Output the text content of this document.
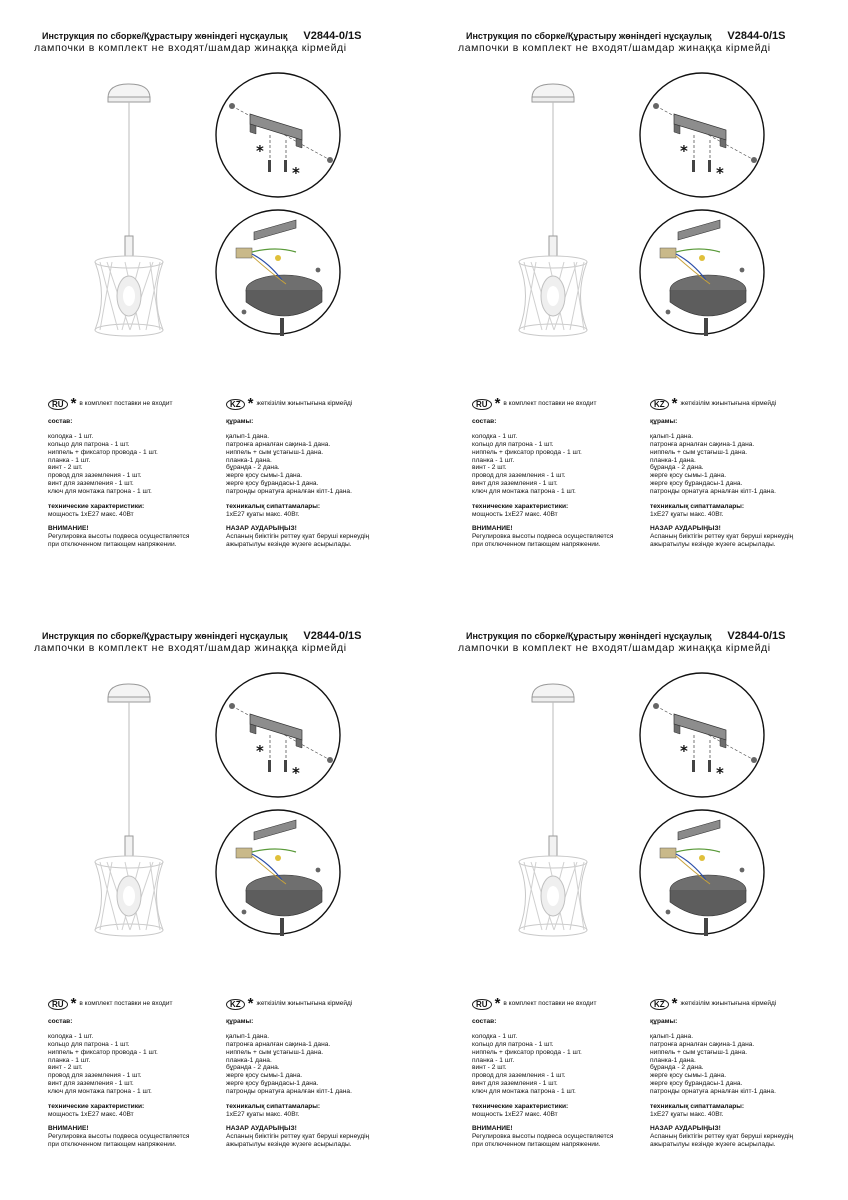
Инструкция по сборке/Құрастыру жөніндегі нұсқаулық V2844-0/1S
лампочки в комплект не входят/шамдар жинаққа кірмейді
*
*
RU * в комплект поставки не входит
состав:
колодка - 1 шт.
кольцо для патрона - 1 шт.
ниппель + фиксатор провода - 1 шт.
планка - 1 шт.
винт - 2 шт.
провод для заземления - 1 шт.
винт для заземления - 1 шт.
ключ для монтажа патрона - 1 шт.
технические характеристики:
мощность 1хЕ27 макс. 40Вт
ВНИМАНИЕ!
Регулировка высоты подвеса осуществляется
при отключенном питающем напряжении.
KZ * жеткізілім жиынтығына кірмейді
құрамы:
қалып-1 дана.
патронға арналған сақина-1 дана.
ниппель + сым ұстағыш-1 дана.
планка-1 дана.
бұранда - 2 дана.
жерге қосу сымы-1 дана.
жерге қосу бұрандасы-1 дана.
патронды орнатуға арналған кілт-1 дана.
техникалық сипаттамалары:
1хЕ27 қуаты макс. 40Вт.
НАЗАР АУДАРЫҢЫЗ!
Аспаның биіктігін реттеу қуат беруші кернеудің
ажыратылуы кезінде жүзеге асырылады.
Инструкция по сборке/Құрастыру жөніндегі нұсқаулық V2844-0/1S
лампочки в комплект не входят/шамдар жинаққа кірмейді
*
*
RU * в комплект поставки не входит
состав:
колодка - 1 шт.
кольцо для патрона - 1 шт.
ниппель + фиксатор провода - 1 шт.
планка - 1 шт.
винт - 2 шт.
провод для заземления - 1 шт.
винт для заземления - 1 шт.
ключ для монтажа патрона - 1 шт.
технические характеристики:
мощность 1хЕ27 макс. 40Вт
ВНИМАНИЕ!
Регулировка высоты подвеса осуществляется
при отключенном питающем напряжении.
KZ * жеткізілім жиынтығына кірмейді
құрамы:
қалып-1 дана.
патронға арналған сақина-1 дана.
ниппель + сым ұстағыш-1 дана.
планка-1 дана.
бұранда - 2 дана.
жерге қосу сымы-1 дана.
жерге қосу бұрандасы-1 дана.
патронды орнатуға арналған кілт-1 дана.
техникалық сипаттамалары:
1хЕ27 қуаты макс. 40Вт.
НАЗАР АУДАРЫҢЫЗ!
Аспаның биіктігін реттеу қуат беруші кернеудің
ажыратылуы кезінде жүзеге асырылады.
Инструкция по сборке/Құрастыру жөніндегі нұсқаулық V2844-0/1S
лампочки в комплект не входят/шамдар жинаққа кірмейді
*
*
RU * в комплект поставки не входит
состав:
колодка - 1 шт.
кольцо для патрона - 1 шт.
ниппель + фиксатор провода - 1 шт.
планка - 1 шт.
винт - 2 шт.
провод для заземления - 1 шт.
винт для заземления - 1 шт.
ключ для монтажа патрона - 1 шт.
технические характеристики:
мощность 1хЕ27 макс. 40Вт
ВНИМАНИЕ!
Регулировка высоты подвеса осуществляется
при отключенном питающем напряжении.
KZ * жеткізілім жиынтығына кірмейді
құрамы:
қалып-1 дана.
патронға арналған сақина-1 дана.
ниппель + сым ұстағыш-1 дана.
планка-1 дана.
бұранда - 2 дана.
жерге қосу сымы-1 дана.
жерге қосу бұрандасы-1 дана.
патронды орнатуға арналған кілт-1 дана.
техникалық сипаттамалары:
1хЕ27 қуаты макс. 40Вт.
НАЗАР АУДАРЫҢЫЗ!
Аспаның биіктігін реттеу қуат беруші кернеудің
ажыратылуы кезінде жүзеге асырылады.
Инструкция по сборке/Құрастыру жөніндегі нұсқаулық V2844-0/1S
лампочки в комплект не входят/шамдар жинаққа кірмейді
*
*
RU * в комплект поставки не входит
состав:
колодка - 1 шт.
кольцо для патрона - 1 шт.
ниппель + фиксатор провода - 1 шт.
планка - 1 шт.
винт - 2 шт.
провод для заземления - 1 шт.
винт для заземления - 1 шт.
ключ для монтажа патрона - 1 шт.
технические характеристики:
мощность 1хЕ27 макс. 40Вт
ВНИМАНИЕ!
Регулировка высоты подвеса осуществляется
при отключенном питающем напряжении.
KZ * жеткізілім жиынтығына кірмейді
құрамы:
қалып-1 дана.
патронға арналған сақина-1 дана.
ниппель + сым ұстағыш-1 дана.
планка-1 дана.
бұранда - 2 дана.
жерге қосу сымы-1 дана.
жерге қосу бұрандасы-1 дана.
патронды орнатуға арналған кілт-1 дана.
техникалық сипаттамалары:
1хЕ27 қуаты макс. 40Вт.
НАЗАР АУДАРЫҢЫЗ!
Аспаның биіктігін реттеу қуат беруші кернеудің
ажыратылуы кезінде жүзеге асырылады.
